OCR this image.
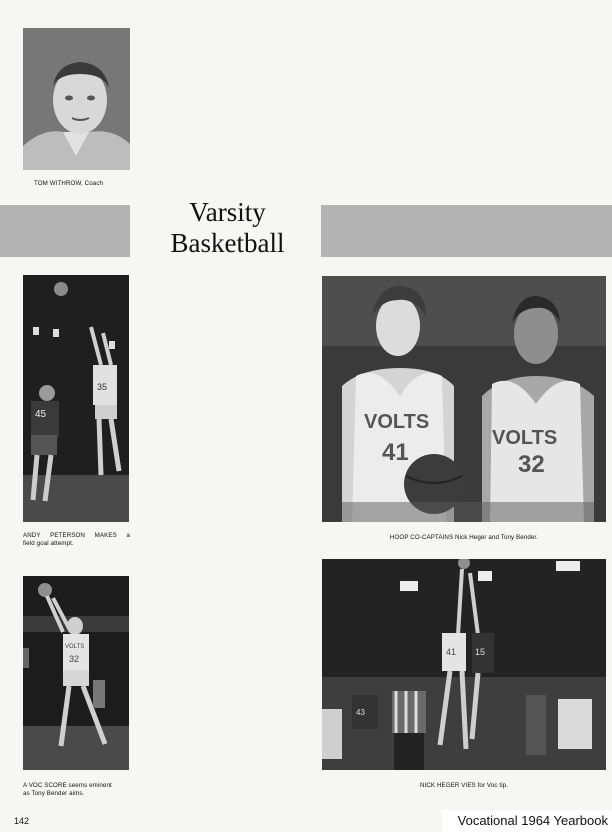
TOM WITHROW, Coach
Varsity
Basketball
35
45
ANDY PETERSON MAKES a
field goal attempt.
VOLTS
41
VOLTS
32
HOOP CO-CAPTAINS Nick Heger and Tony Bender.
VOLTS
32
A VOC SCORE seems eminent
as Tony Bender aims.
41 15
43
NICK HEGER VIES for Voc tip.
142	Vocational 1964 Yearbook
